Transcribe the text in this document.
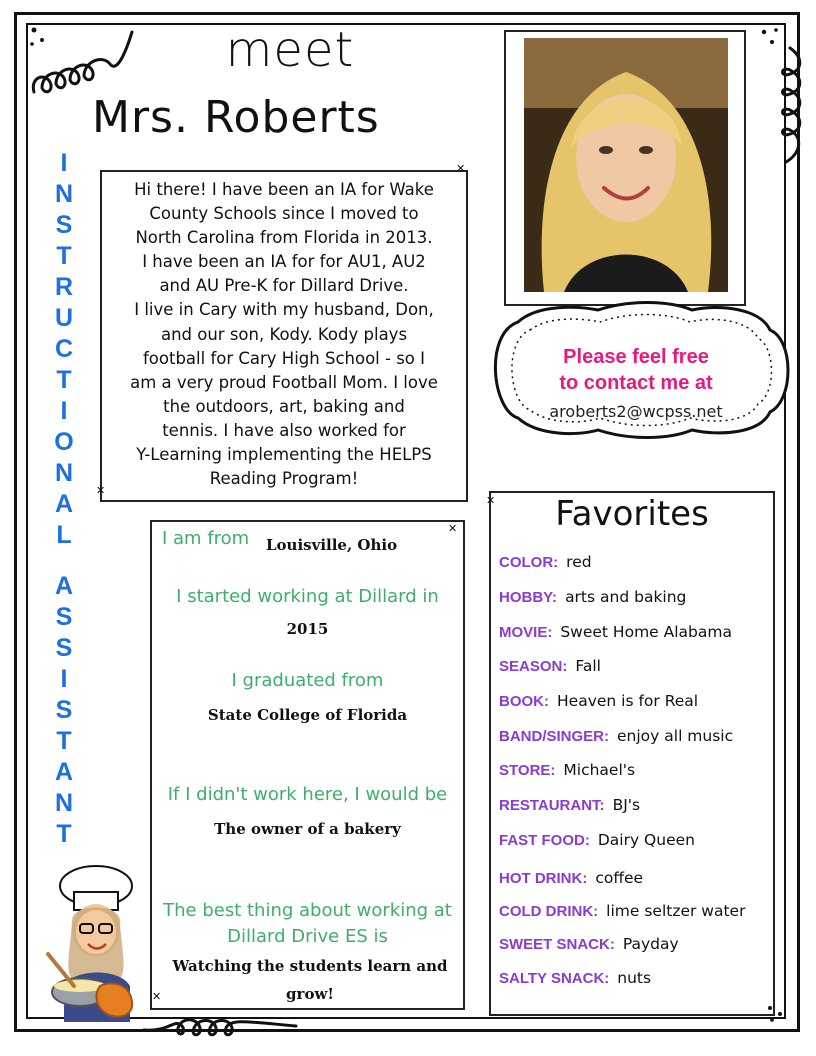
meet
Mrs. Roberts
I
N
S
T
R
U
C
T
I
O
N
A
L
A
S
S
I
S
T
A
N
T
✕
✕
Hi there! I have been an IA for Wake
County Schools since I moved to
North Carolina from Florida in 2013.
I have been an IA for for AU1, AU2
and AU Pre-K for Dillard Drive.
I live in Cary with my husband, Don,
and our son, Kody. Kody plays
football for Cary High School - so I
am a very proud Football Mom. I love
the outdoors, art, baking and
tennis. I have also worked for
Y-Learning implementing the HELPS
Reading Program!
Please feel free
to contact me at
aroberts2@wcpss.net
I am from Louisville, Ohio
I started working at Dillard in
2015
I graduated from
State College of Florida
If I didn't work here, I would be
The owner of a bakery
The best thing about working at
Dillard Drive ES is
Watching the students learn and
grow!
Favorites
COLOR: red
HOBBY: arts and baking
MOVIE: Sweet Home Alabama
SEASON: Fall
BOOK: Heaven is for Real
BAND/SINGER: enjoy all music
STORE: Michael's
RESTAURANT: BJ's
FAST FOOD: Dairy Queen
HOT DRINK: coffee
COLD DRINK: lime seltzer water
SWEET SNACK: Payday
SALTY SNACK: nuts
✕
✕
✕
